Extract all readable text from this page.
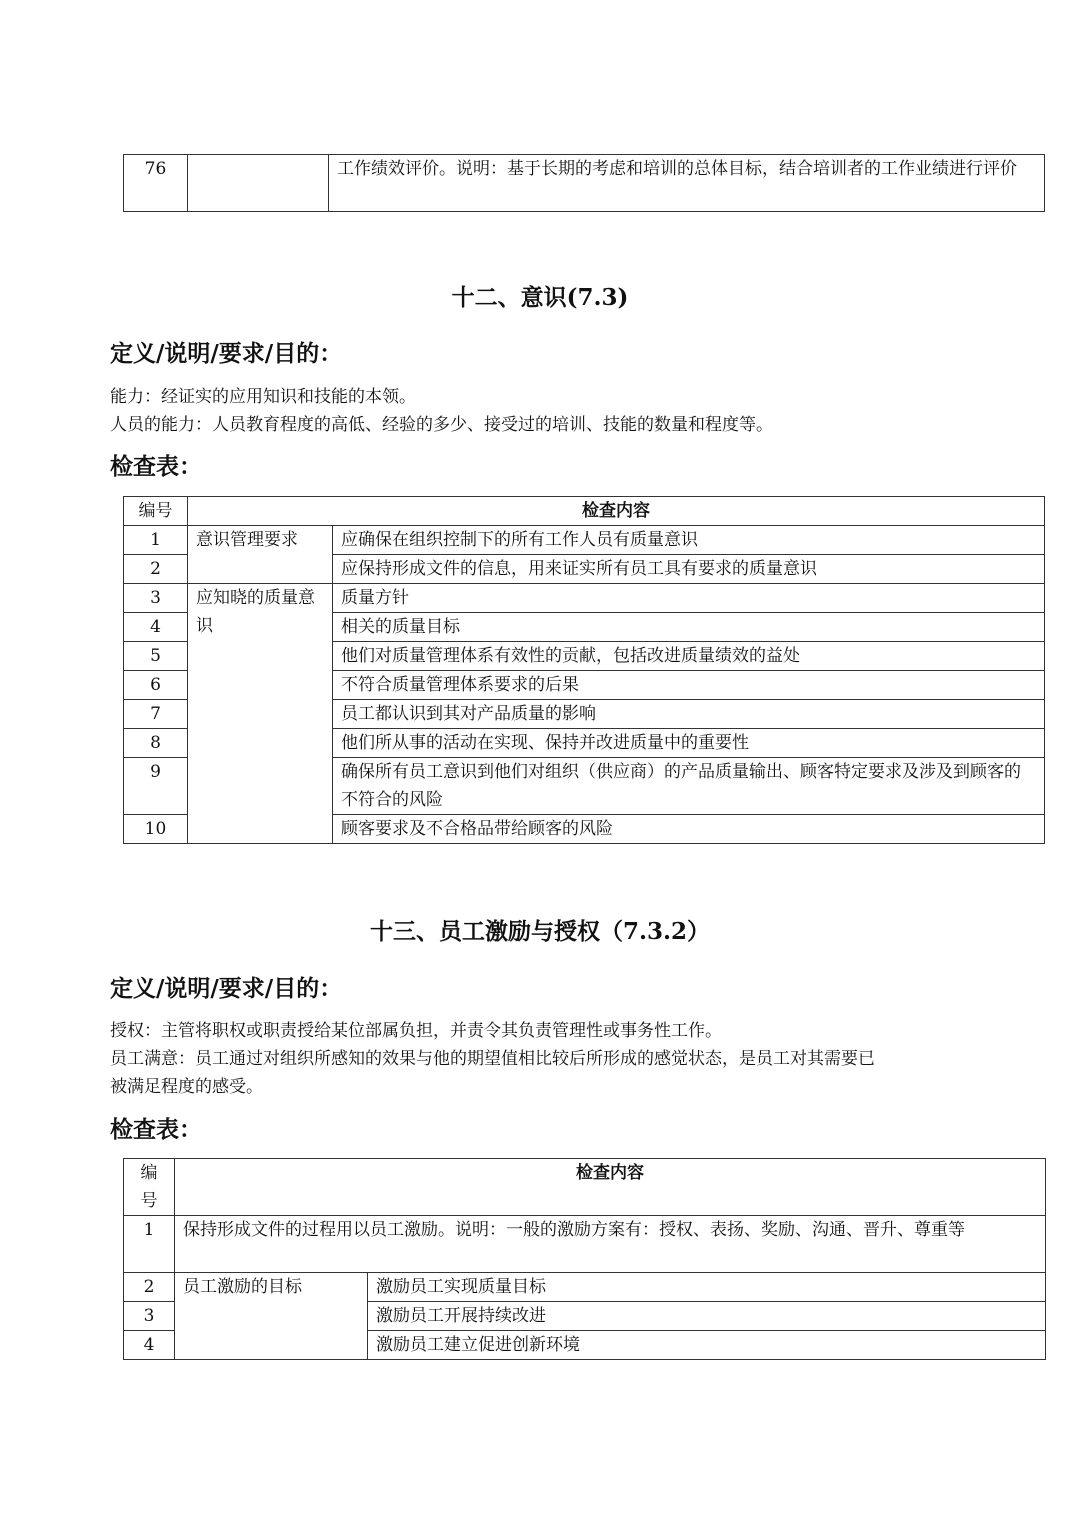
76		工作绩效评价。说明：基于长期的考虑和培训的总体目标，结合培训者的工作业绩进行评价
十二、意识(7.3)
定义/说明/要求/目的：

能力：经证实的应用知识和技能的本领。

人员的能力：人员教育程度的高低、经验的多少、接受过的培训、技能的数量和程度等。

检查表：
编号	检查内容	
1	意识管理要求	应确保在组织控制下的所有工作人员有质量意识
2		应保持形成文件的信息，用来证实所有员工具有要求的质量意识
3	应知晓的质量意识	质量方针
4		相关的质量目标
5		他们对质量管理体系有效性的贡献，包括改进质量绩效的益处
6		不符合质量管理体系要求的后果
7		员工都认识到其对产品质量的影响
8		他们所从事的活动在实现、保持并改进质量中的重要性
9		确保所有员工意识到他们对组织（供应商）的产品质量输出、顾客特定要求及涉及到顾客的不符合的风险
10		顾客要求及不合格品带给顾客的风险
十三、员工激励与授权（7.3.2）
定义/说明/要求/目的：

授权：主管将职权或职责授给某位部属负担，并责令其负责管理性或事务性工作。

员工满意：员工通过对组织所感知的效果与他的期望值相比较后所形成的感觉状态，是员工对其需要已

被满足程度的感受。

检查表：
编号	检查内容	
1	保持形成文件的过程用以员工激励。说明：一般的激励方案有：授权、表扬、奖励、沟通、晋升、尊重等	
2	员工激励的目标	激励员工实现质量目标
3		激励员工开展持续改进
4		激励员工建立促进创新环境
